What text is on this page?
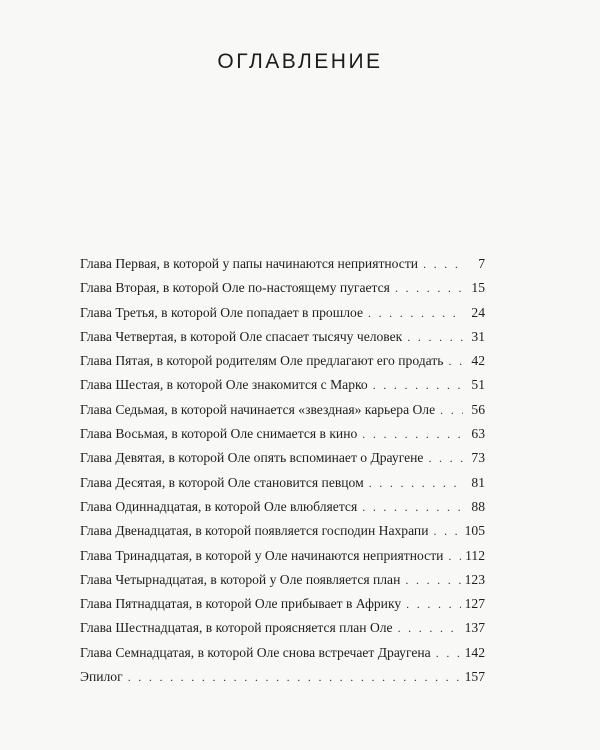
ОГЛАВЛЕНИЕ
Глава Первая, в которой у папы начинаются неприятности . . .	7
Глава Вторая, в которой Оле по-настоящему пугается . . .	15
Глава Третья, в которой Оле попадает в прошлое . . .	24
Глава Четвертая, в которой Оле спасает тысячу человек . . .	31
Глава Пятая, в которой родителям Оле предлагают его продать . . .	42
Глава Шестая, в которой Оле знакомится с Марко . . .	51
Глава Седьмая, в которой начинается «звездная» карьера Оле . . .	56
Глава Восьмая, в которой Оле снимается в кино . . .	63
Глава Девятая, в которой Оле опять вспоминает о Драугене . . .	73
Глава Десятая, в которой Оле становится певцом . . .	81
Глава Одиннадцатая, в которой Оле влюбляется . . .	88
Глава Двенадцатая, в которой появляется господин Нахрапи . . .	105
Глава Тринадцатая, в которой у Оле начинаются неприятности . . . 112
Глава Четырнадцатая, в которой у Оле появляется план . . .	123
Глава Пятнадцатая, в которой Оле прибывает в Африку . . .	127
Глава Шестнадцатая, в которой проясняется план Оле . . .	137
Глава Семнадцатая, в которой Оле снова встречает Драугена . . . 142
Эпилог . . .	157
